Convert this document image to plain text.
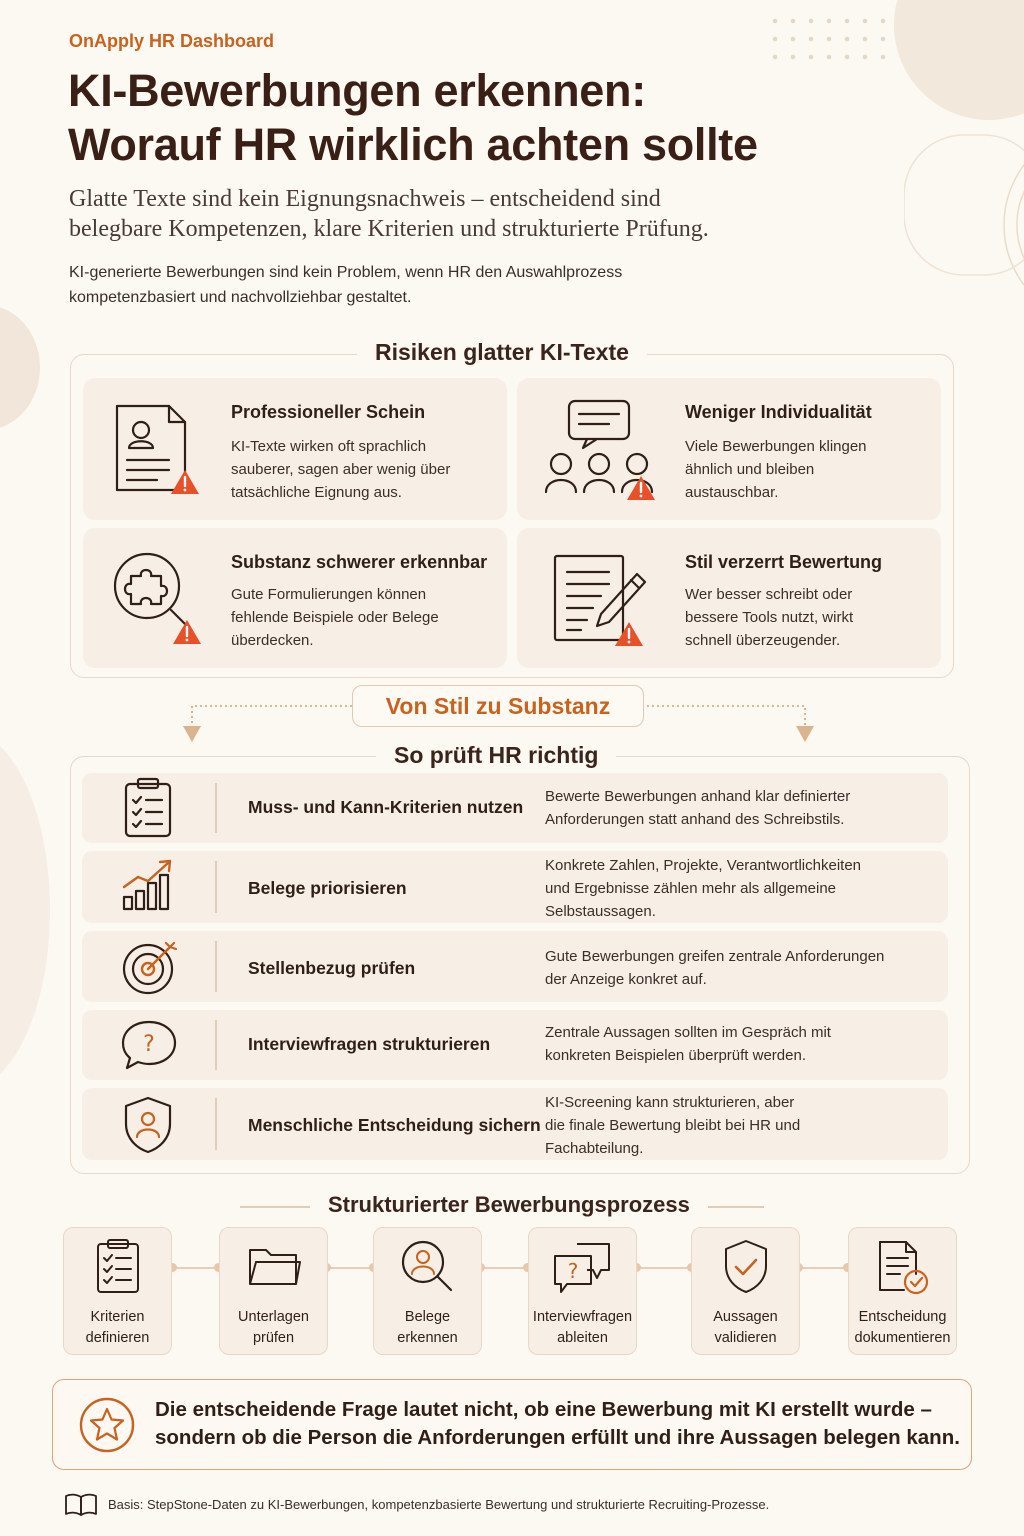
OnApply HR Dashboard
KI-Bewerbungen erkennen:
Worauf HR wirklich achten sollte

Glatte Texte sind kein Eignungsnachweis – entscheidend sind
belegbare Kompetenzen, klare Kriterien und strukturierte Prüfung.

KI-generierte Bewerbungen sind kein Problem, wenn HR den Auswahlprozess
kompetenzbasiert und nachvollziehbar gestaltet.

Risiken glatter KI-Texte
Professioneller Schein

KI-Texte wirken oft sprachlich
sauberer, sagen aber wenig über
tatsächliche Eignung aus.

Weniger Individualität

Viele Bewerbungen klingen
ähnlich und bleiben
austauschbar.

Substanz schwerer erkennbar

Gute Formulierungen können
fehlende Beispiele oder Belege
überdecken.

Stil verzerrt Bewertung

Wer besser schreibt oder
bessere Tools nutzt, wirkt
schnell überzeugender.

Von Stil zu Substanz
So prüft HR richtig
Muss- und Kann-Kriterien nutzen
Bewerte Bewerbungen anhand klar definierter
Anforderungen statt anhand des Schreibstils.
Belege priorisieren
Konkrete Zahlen, Projekte, Verantwortlichkeiten
und Ergebnisse zählen mehr als allgemeine
Selbstaussagen.
Stellenbezug prüfen
Gute Bewerbungen greifen zentrale Anforderungen
der Anzeige konkret auf.
?	Interviewfragen strukturieren
Zentrale Aussagen sollten im Gespräch mit
konkreten Beispielen überprüft werden.
Menschliche Entscheidung sichern
KI-Screening kann strukturieren, aber
die finale Bewertung bleibt bei HR und
Fachabteilung.
Strukturierter Bewerbungsprozess
Kriterien
definieren
Unterlagen
prüfen
Belege
erkennen
?
Interviewfragen
ableiten
Aussagen
validieren
Entscheidung
dokumentieren
Die entscheidende Frage lautet nicht, ob eine Bewerbung mit KI erstellt wurde –
sondern ob die Person die Anforderungen erfüllt und ihre Aussagen belegen kann.
Basis: StepStone-Daten zu KI-Bewerbungen, kompetenzbasierte Bewertung und strukturierte Recruiting-Prozesse.
